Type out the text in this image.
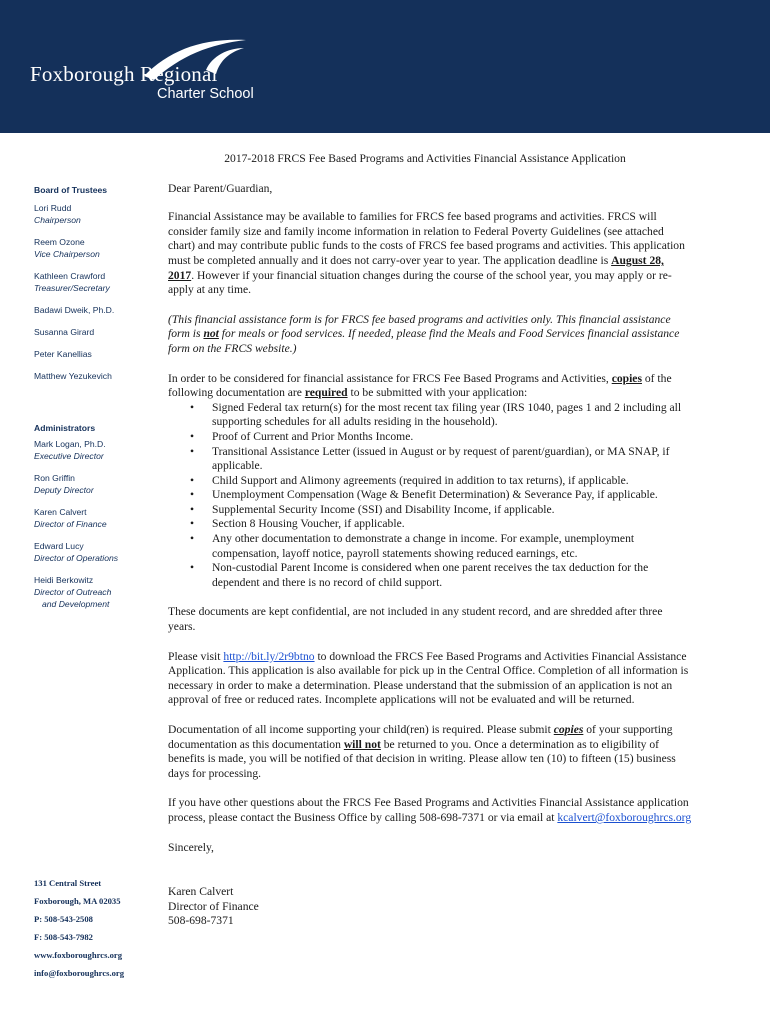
Foxborough Regional
Charter School
Board of Trustees
Lori Rudd
Chairperson
Reem Ozone
Vice Chairperson
Kathleen Crawford
Treasurer/Secretary
Badawi Dweik, Ph.D.
Susanna Girard
Peter Kanellias
Matthew Yezukevich
Administrators
Mark Logan, Ph.D.
Executive Director
Ron Griffin
Deputy Director
Karen Calvert
Director of Finance
Edward Lucy
Director of Operations
Heidi Berkowitz
Director of Outreach
and Development
131 Central Street
Foxborough, MA 02035
P: 508-543-2508
F: 508-543-7982
www.foxboroughrcs.org
info@foxboroughrcs.org

2017-2018 FRCS Fee Based Programs and Activities Financial Assistance Application

Dear Parent/Guardian,

Financial Assistance may be available to families for FRCS fee based programs and activities. FRCS will consider family size and family income information in relation to Federal Poverty Guidelines (see attached chart) and may contribute public funds to the costs of FRCS fee based programs and activities. This application must be completed annually and it does not carry-over year to year. The application deadline is August 28, 2017. However if your financial situation changes during the course of the school year, you may apply or re-apply at any time.

(This financial assistance form is for FRCS fee based programs and activities only. This financial assistance form is not for meals or food services. If needed, please find the Meals and Food Services financial assistance form on the FRCS website.)

In order to be considered for financial assistance for FRCS Fee Based Programs and Activities, copies of the following documentation are required to be submitted with your application:

• Signed Federal tax return(s) for the most recent tax filing year (IRS 1040, pages 1 and 2 including all supporting schedules for all adults residing in the household).
• Proof of Current and Prior Months Income.
• Transitional Assistance Letter (issued in August or by request of parent/guardian), or MA SNAP, if applicable.
• Child Support and Alimony agreements (required in addition to tax returns), if applicable.
• Unemployment Compensation (Wage & Benefit Determination) & Severance Pay, if applicable.
• Supplemental Security Income (SSI) and Disability Income, if applicable.
• Section 8 Housing Voucher, if applicable.
• Any other documentation to demonstrate a change in income. For example, unemployment compensation, layoff notice, payroll statements showing reduced earnings, etc.
• Non-custodial Parent Income is considered when one parent receives the tax deduction for the dependent and there is no record of child support.

These documents are kept confidential, are not included in any student record, and are shredded after three years.

Please visit http://bit.ly/2r9btno to download the FRCS Fee Based Programs and Activities Financial Assistance Application. This application is also available for pick up in the Central Office. Completion of all information is necessary in order to make a determination. Please understand that the submission of an application is not an approval of free or reduced rates. Incomplete applications will not be evaluated and will be returned.

Documentation of all income supporting your child(ren) is required. Please submit copies of your supporting documentation as this documentation will not be returned to you. Once a determination as to eligibility of benefits is made, you will be notified of that decision in writing. Please allow ten (10) to fifteen (15) business days for processing.

If you have other questions about the FRCS Fee Based Programs and Activities Financial Assistance application process, please contact the Business Office by calling 508-698-7371 or via email at kcalvert@foxboroughrcs.org

Sincerely,

Karen Calvert

Director of Finance

508-698-7371
